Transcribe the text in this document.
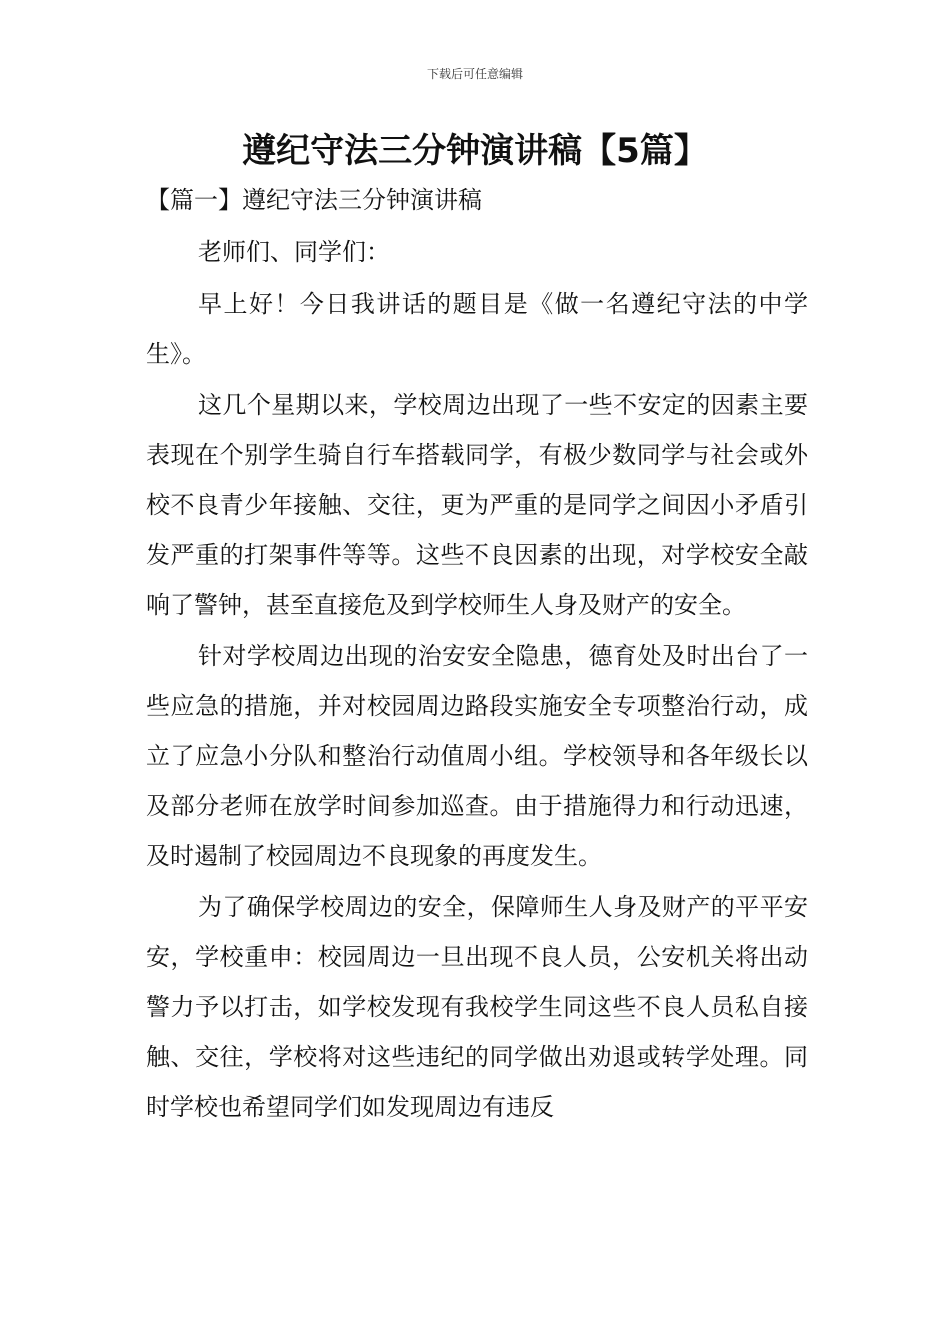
下载后可任意编辑
遵纪守法三分钟演讲稿【5篇】
【篇一】遵纪守法三分钟演讲稿

老师们、同学们：

早上好！今日我讲话的题目是《做一名遵纪守法的中学生》。

这几个星期以来，学校周边出现了一些不安定的因素主要表现在个别学生骑自行车搭载同学，有极少数同学与社会或外校不良青少年接触、交往，更为严重的是同学之间因小矛盾引发严重的打架事件等等。这些不良因素的出现，对学校安全敲响了警钟，甚至直接危及到学校师生人身及财产的安全。

针对学校周边出现的治安安全隐患，德育处及时出台了一些应急的措施，并对校园周边路段实施安全专项整治行动，成立了应急小分队和整治行动值周小组。学校领导和各年级长以及部分老师在放学时间参加巡查。由于措施得力和行动迅速，及时遏制了校园周边不良现象的再度发生。

为了确保学校周边的安全，保障师生人身及财产的平平安安，学校重申：校园周边一旦出现不良人员，公安机关将出动警力予以打击，如学校发现有我校学生同这些不良人员私自接触、交往，学校将对这些违纪的同学做出劝退或转学处理。同时学校也希望同学们如发现周边有违反
